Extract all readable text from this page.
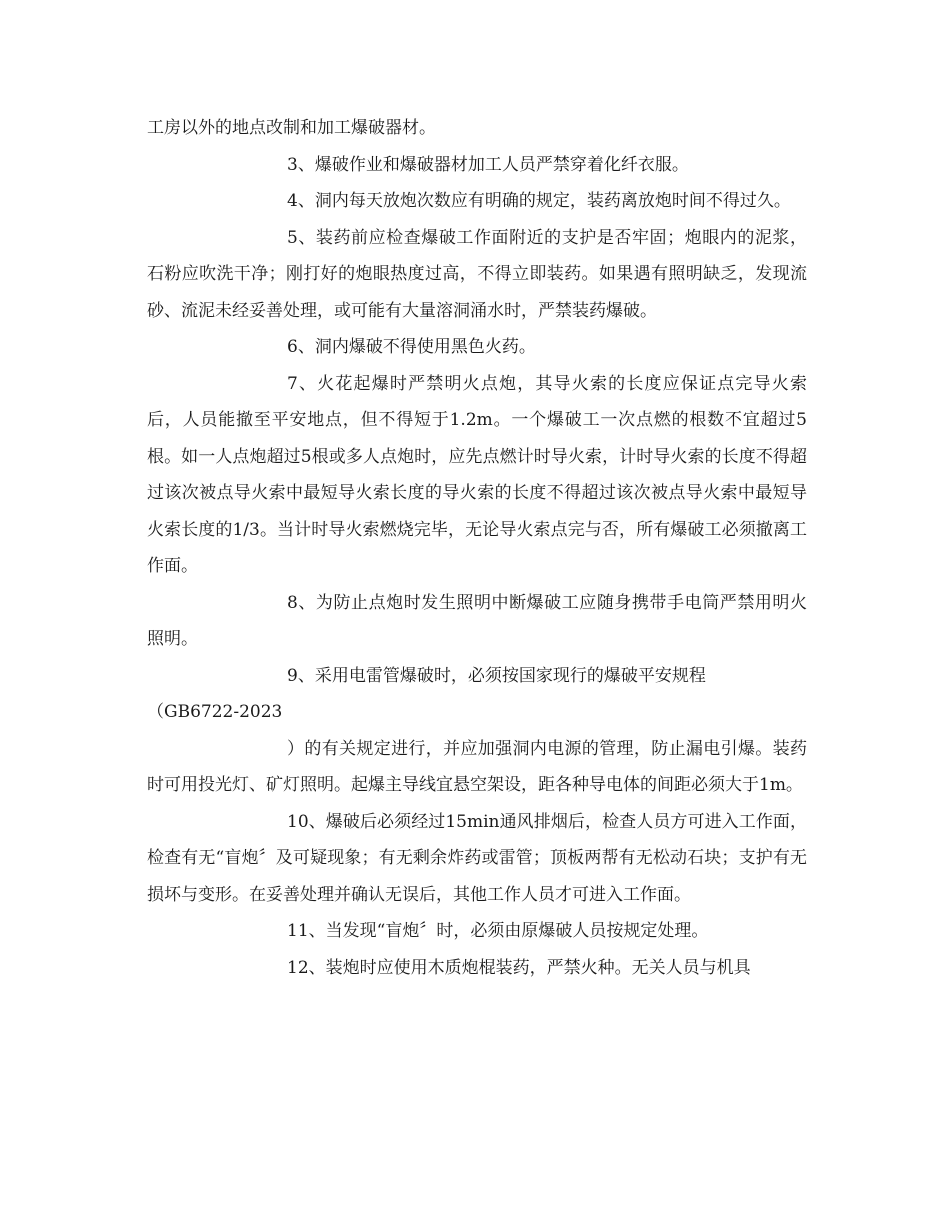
工房以外的地点改制和加工爆破器材。

3、爆破作业和爆破器材加工人员严禁穿着化纤衣服。

4、洞内每天放炮次数应有明确的规定，装药离放炮时间不得过久。

5、装药前应检查爆破工作面附近的支护是否牢固；炮眼内的泥浆，石粉应吹洗干净；刚打好的炮眼热度过高，不得立即装药。如果遇有照明缺乏，发现流砂、流泥未经妥善处理，或可能有大量溶洞涌水时，严禁装药爆破。

6、洞内爆破不得使用黑色火药。

7、火花起爆时严禁明火点炮，其导火索的长度应保证点完导火索后，人员能撤至平安地点，但不得短于1.2m。一个爆破工一次点燃的根数不宜超过5根。如一人点炮超过5根或多人点炮时，应先点燃计时导火索，计时导火索的长度不得超过该次被点导火索中最短导火索长度的导火索的长度不得超过该次被点导火索中最短导火索长度的1/3。当计时导火索燃烧完毕，无论导火索点完与否，所有爆破工必须撤离工作面。

8、为防止点炮时发生照明中断爆破工应随身携带手电筒严禁用明火照明。

9、采用电雷管爆破时，必须按国家现行的爆破平安规程

（GB6722-2023

）的有关规定进行，并应加强洞内电源的管理，防止漏电引爆。装药时可用投光灯、矿灯照明。起爆主导线宜悬空架设，距各种导电体的间距必须大于1m。

10、爆破后必须经过15min通风排烟后，检查人员方可进入工作面，检查有无“盲炮〞及可疑现象；有无剩余炸药或雷管；顶板两帮有无松动石块；支护有无损坏与变形。在妥善处理并确认无误后，其他工作人员才可进入工作面。

11、当发现“盲炮〞时，必须由原爆破人员按规定处理。

12、装炮时应使用木质炮棍装药，严禁火种。无关人员与机具
